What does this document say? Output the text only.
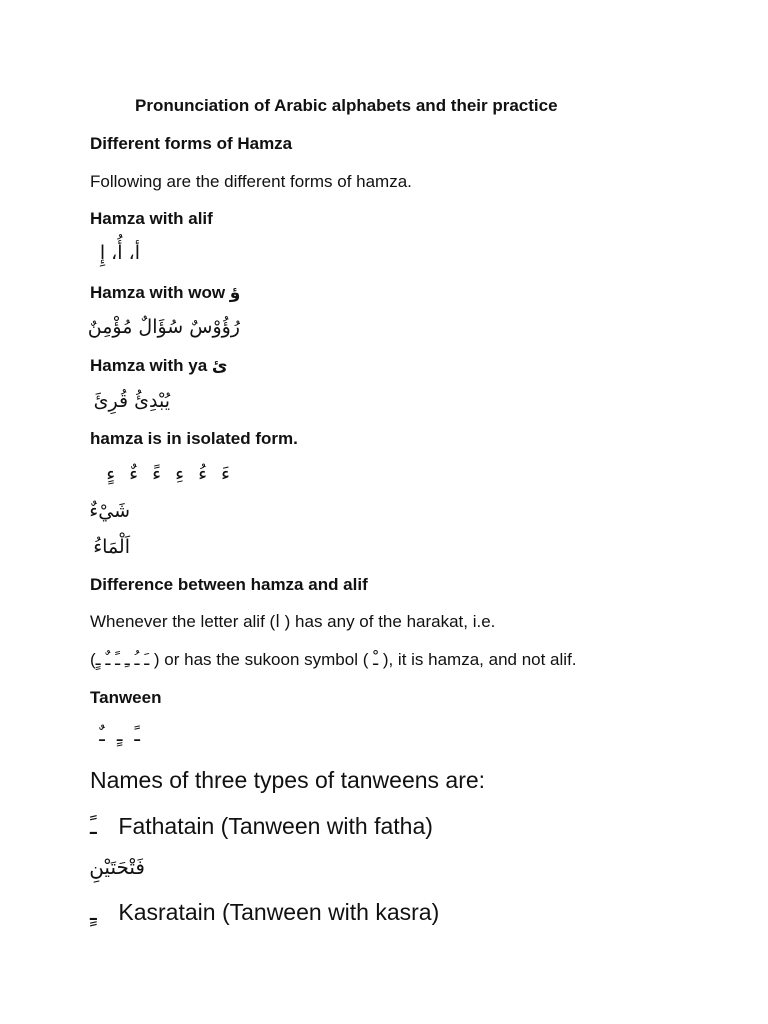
Pronunciation of Arabic alphabets and their practice
Different forms of Hamza
Following are the different forms of hamza.
Hamza with alif
أ، أُ، إِ
Hamza with wow ؤ
رُؤُوْسٌ سُؤَالٌ مُؤْمِنٌ
Hamza with ya ئ
يُبْدِئُ قُرِئَ
hamza is in isolated form.
ءَ ءُ ءِ ءً ءٌ ءٍ
شَيْءٌ
اَلْمَاءُ
Difference between hamza and alif
Whenever the letter alif (ا ) has any of the harakat, i.e.
(ـَ ـُ ـِ ـً ـٌ ـٍ ) or has the sukoon symbol ( ـْ ), it is hamza, and not alif.
Tanween
ـً ـٍ ـٌ
Names of three types of tanweens are:
ـً Fathatain (Tanween with fatha)
فَتْحَتَيْنِ
ـٍ Kasratain (Tanween with kasra)
